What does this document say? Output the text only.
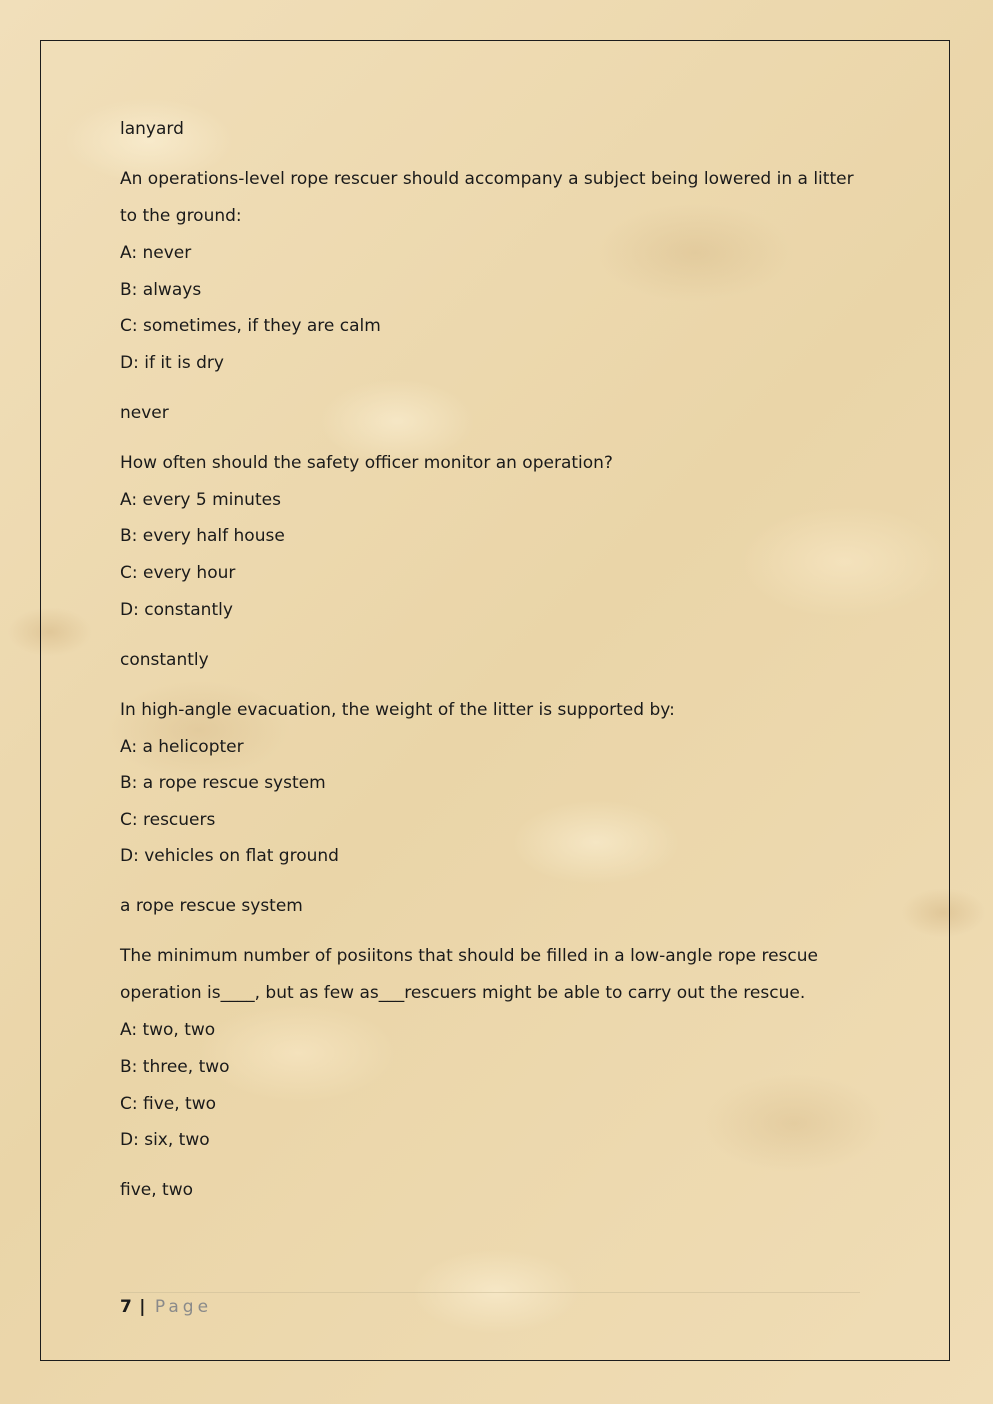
lanyard

An operations-level rope rescuer should accompany a subject being lowered in a litter

to the ground:

A: never

B: always

C: sometimes, if they are calm

D: if it is dry

never

How often should the safety officer monitor an operation?

A: every 5 minutes

B: every half house

C: every hour

D: constantly

constantly

In high-angle evacuation, the weight of the litter is supported by:

A: a helicopter

B: a rope rescue system

C: rescuers

D: vehicles on flat ground

a rope rescue system

The minimum number of posiitons that should be filled in a low-angle rope rescue

operation is____, but as few as___rescuers might be able to carry out the rescue.

A: two, two

B: three, two

C: five, two

D: six, two

five, two

7 | Page
